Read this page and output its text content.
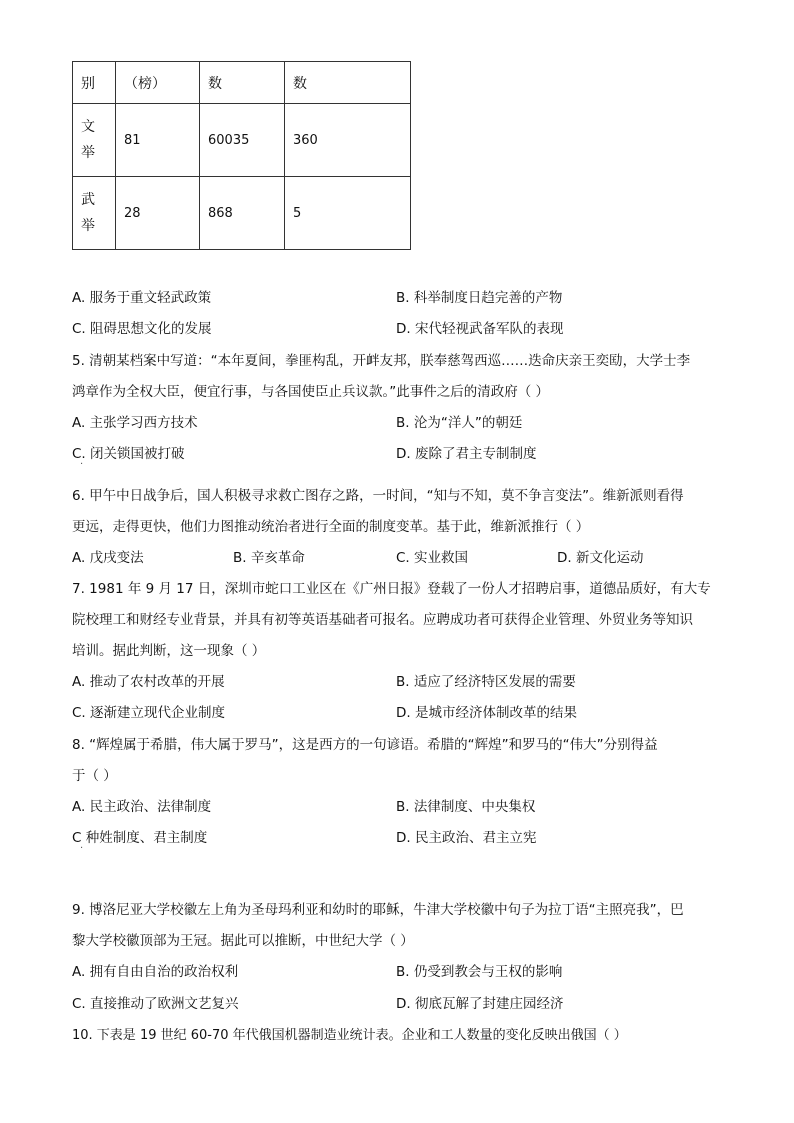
别	（榜）	数	数

文举	81	60035	360

武举	28	868	5
A. 服务于重文轻武政策	B. 科举制度日趋完善的产物
C. 阻碍思想文化的发展	D. 宋代轻视武备军队的表现
5. 清朝某档案中写道：“本年夏间，拳匪构乱，开衅友邦，朕奉慈驾西巡……迭命庆亲王奕劻，大学士李
鸿章作为全权大臣，便宜行事，与各国使臣止兵议款。”此事件之后的清政府（ ）
A. 主张学习西方技术	B. 沦为“洋人”的朝廷
C. 闭关锁国被打破	D. 废除了君主专制制度
·
6. 甲午中日战争后，国人积极寻求救亡图存之路，一时间，“知与不知，莫不争言变法”。维新派则看得
更远，走得更快，他们力图推动统治者进行全面的制度变革。基于此，维新派推行（ ）
A. 戊戌变法	B. 辛亥革命	C. 实业救国	D. 新文化运动
7. 1981 年 9 月 17 日，深圳市蛇口工业区在《广州日报》登载了一份人才招聘启事，道德品质好，有大专
院校理工和财经专业背景，并具有初等英语基础者可报名。应聘成功者可获得企业管理、外贸业务等知识
培训。据此判断，这一现象（ ）
A. 推动了农村改革的开展	B. 适应了经济特区发展的需要
C. 逐渐建立现代企业制度	D. 是城市经济体制改革的结果
8. “辉煌属于希腊，伟大属于罗马”，这是西方的一句谚语。希腊的“辉煌”和罗马的“伟大”分别得益
于（ ）
A. 民主政治、法律制度	B. 法律制度、中央集权
C 种姓制度、君主制度	D. 民主政治、君主立宪
·
9. 博洛尼亚大学校徽左上角为圣母玛利亚和幼时的耶稣，牛津大学校徽中句子为拉丁语“主照亮我”，巴
黎大学校徽顶部为王冠。据此可以推断，中世纪大学（ ）
A. 拥有自由自治的政治权利	B. 仍受到教会与王权的影响
C. 直接推动了欧洲文艺复兴	D. 彻底瓦解了封建庄园经济
10. 下表是 19 世纪 60-70 年代俄国机器制造业统计表。企业和工人数量的变化反映出俄国（ ）
